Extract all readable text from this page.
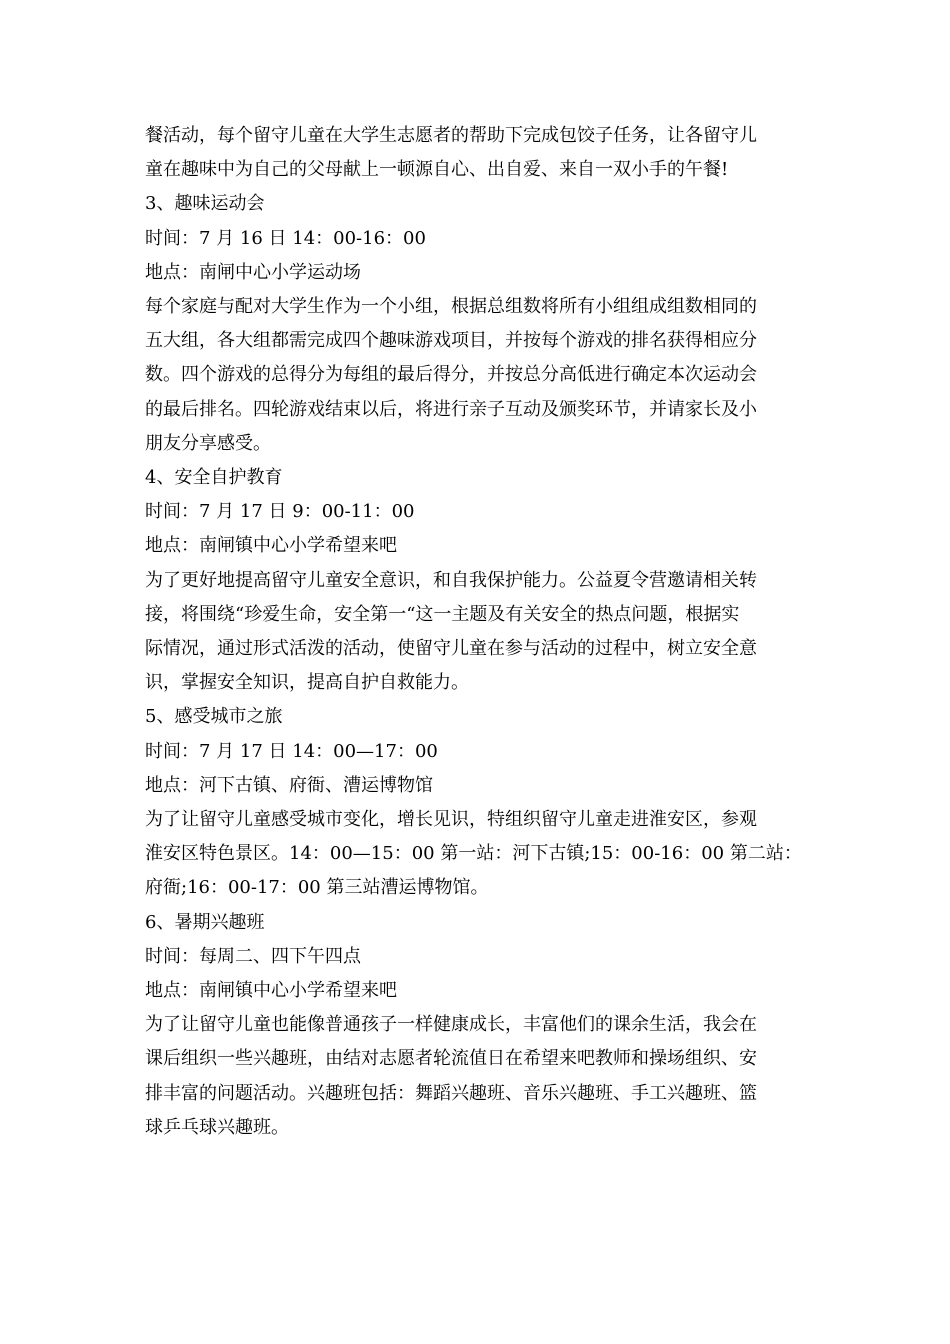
餐活动，每个留守儿童在大学生志愿者的帮助下完成包饺子任务，让各留守儿
童在趣味中为自己的父母献上一顿源自心、出自爱、来自一双小手的午餐!

3、趣味运动会

时间：7 月 16 日 14：00-16：00

地点：南闸中心小学运动场

每个家庭与配对大学生作为一个小组，根据总组数将所有小组组成组数相同的
五大组，各大组都需完成四个趣味游戏项目，并按每个游戏的排名获得相应分
数。四个游戏的总得分为每组的最后得分，并按总分高低进行确定本次运动会
的最后排名。四轮游戏结束以后，将进行亲子互动及颁奖环节，并请家长及小
朋友分享感受。

4、安全自护教育

时间：7 月 17 日 9：00-11：00

地点：南闸镇中心小学希望来吧

为了更好地提高留守儿童安全意识，和自我保护能力。公益夏令营邀请相关转
接，将围绕“珍爱生命，安全第一“这一主题及有关安全的热点问题，根据实
际情况，通过形式活泼的活动，使留守儿童在参与活动的过程中，树立安全意
识，掌握安全知识，提高自护自救能力。

5、感受城市之旅

时间：7 月 17 日 14：00—17：00

地点：河下古镇、府衙、漕运博物馆

为了让留守儿童感受城市变化，增长见识，特组织留守儿童走进淮安区，参观
淮安区特色景区。14：00—15：00 第一站：河下古镇;15：00-16：00 第二站：
府衙;16：00-17：00 第三站漕运博物馆。

6、暑期兴趣班

时间：每周二、四下午四点

地点：南闸镇中心小学希望来吧

为了让留守儿童也能像普通孩子一样健康成长，丰富他们的课余生活，我会在
课后组织一些兴趣班，由结对志愿者轮流值日在希望来吧教师和操场组织、安
排丰富的问题活动。兴趣班包括：舞蹈兴趣班、音乐兴趣班、手工兴趣班、篮
球乒乓球兴趣班。
